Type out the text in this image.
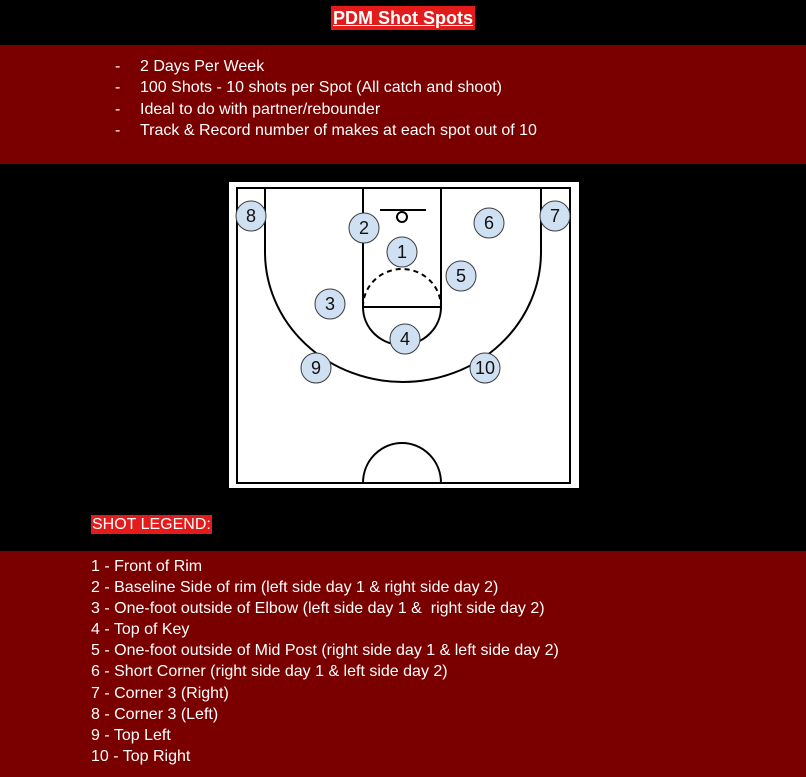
PDM Shot Spots
-	2 Days Per Week
-	100 Shots - 10 shots per Spot (All catch and shoot)
-	Ideal to do with partner/rebounder
-	Track & Record number of makes at each spot out of 10
1
2
3
4
5
6	7
8
9	10
SHOT LEGEND:
1 - Front of Rim
2 - Baseline Side of rim (left side day 1 & right side day 2)
3 - One-foot outside of Elbow (left side day 1 &  right side day 2)
4 - Top of Key
5 - One-foot outside of Mid Post (right side day 1 & left side day 2)
6 - Short Corner (right side day 1 & left side day 2)
7 - Corner 3 (Right)
8 - Corner 3 (Left)
9 - Top Left
10 - Top Right
